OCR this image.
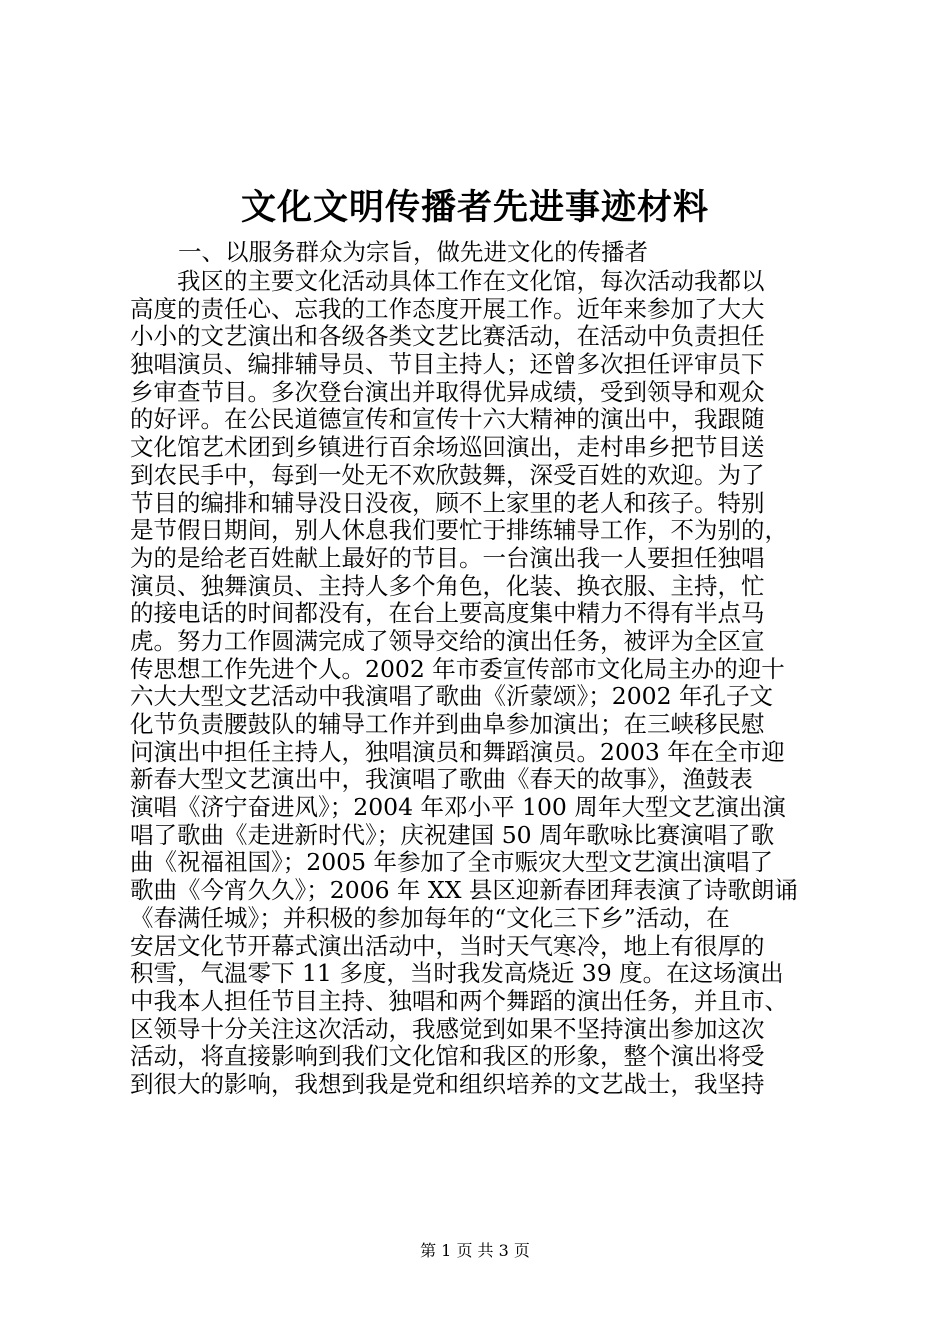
文化文明传播者先进事迹材料
一、以服务群众为宗旨，做先进文化的传播者
　　我区的主要文化活动具体工作在文化馆，每次活动我都以
高度的责任心、忘我的工作态度开展工作。近年来参加了大大
小小的文艺演出和各级各类文艺比赛活动，在活动中负责担任
独唱演员、编排辅导员、节目主持人；还曾多次担任评审员下
乡审查节目。多次登台演出并取得优异成绩，受到领导和观众
的好评。在公民道德宣传和宣传十六大精神的演出中，我跟随
文化馆艺术团到乡镇进行百余场巡回演出，走村串乡把节目送
到农民手中，每到一处无不欢欣鼓舞，深受百姓的欢迎。为了
节目的编排和辅导没日没夜，顾不上家里的老人和孩子。特别
是节假日期间，别人休息我们要忙于排练辅导工作，不为别的，
为的是给老百姓献上最好的节目。一台演出我一人要担任独唱
演员、独舞演员、主持人多个角色，化装、换衣服、主持，忙
的接电话的时间都没有，在台上要高度集中精力不得有半点马
虎。努力工作圆满完成了领导交给的演出任务，被评为全区宣
传思想工作先进个人。2002 年市委宣传部市文化局主办的迎十
六大大型文艺活动中我演唱了歌曲《沂蒙颂》；2002 年孔子文
化节负责腰鼓队的辅导工作并到曲阜参加演出；在三峡移民慰
问演出中担任主持人，独唱演员和舞蹈演员。2003 年在全市迎
新春大型文艺演出中，我演唱了歌曲《春天的故事》，渔鼓表
演唱《济宁奋进风》；2004 年邓小平 100 周年大型文艺演出演
唱了歌曲《走进新时代》；庆祝建国 50 周年歌咏比赛演唱了歌
曲《祝福祖国》；2005 年参加了全市赈灾大型文艺演出演唱了
歌曲《今宵久久》；2006 年 XX 县区迎新春团拜表演了诗歌朗诵
《春满任城》；并积极的参加每年的“文化三下乡”活动，在
安居文化节开幕式演出活动中，当时天气寒冷，地上有很厚的
积雪，气温零下 11 多度，当时我发高烧近 39 度。在这场演出
中我本人担任节目主持、独唱和两个舞蹈的演出任务，并且市、
区领导十分关注这次活动，我感觉到如果不坚持演出参加这次
活动，将直接影响到我们文化馆和我区的形象，整个演出将受
到很大的影响，我想到我是党和组织培养的文艺战士，我坚持
第 1 页 共 3 页
